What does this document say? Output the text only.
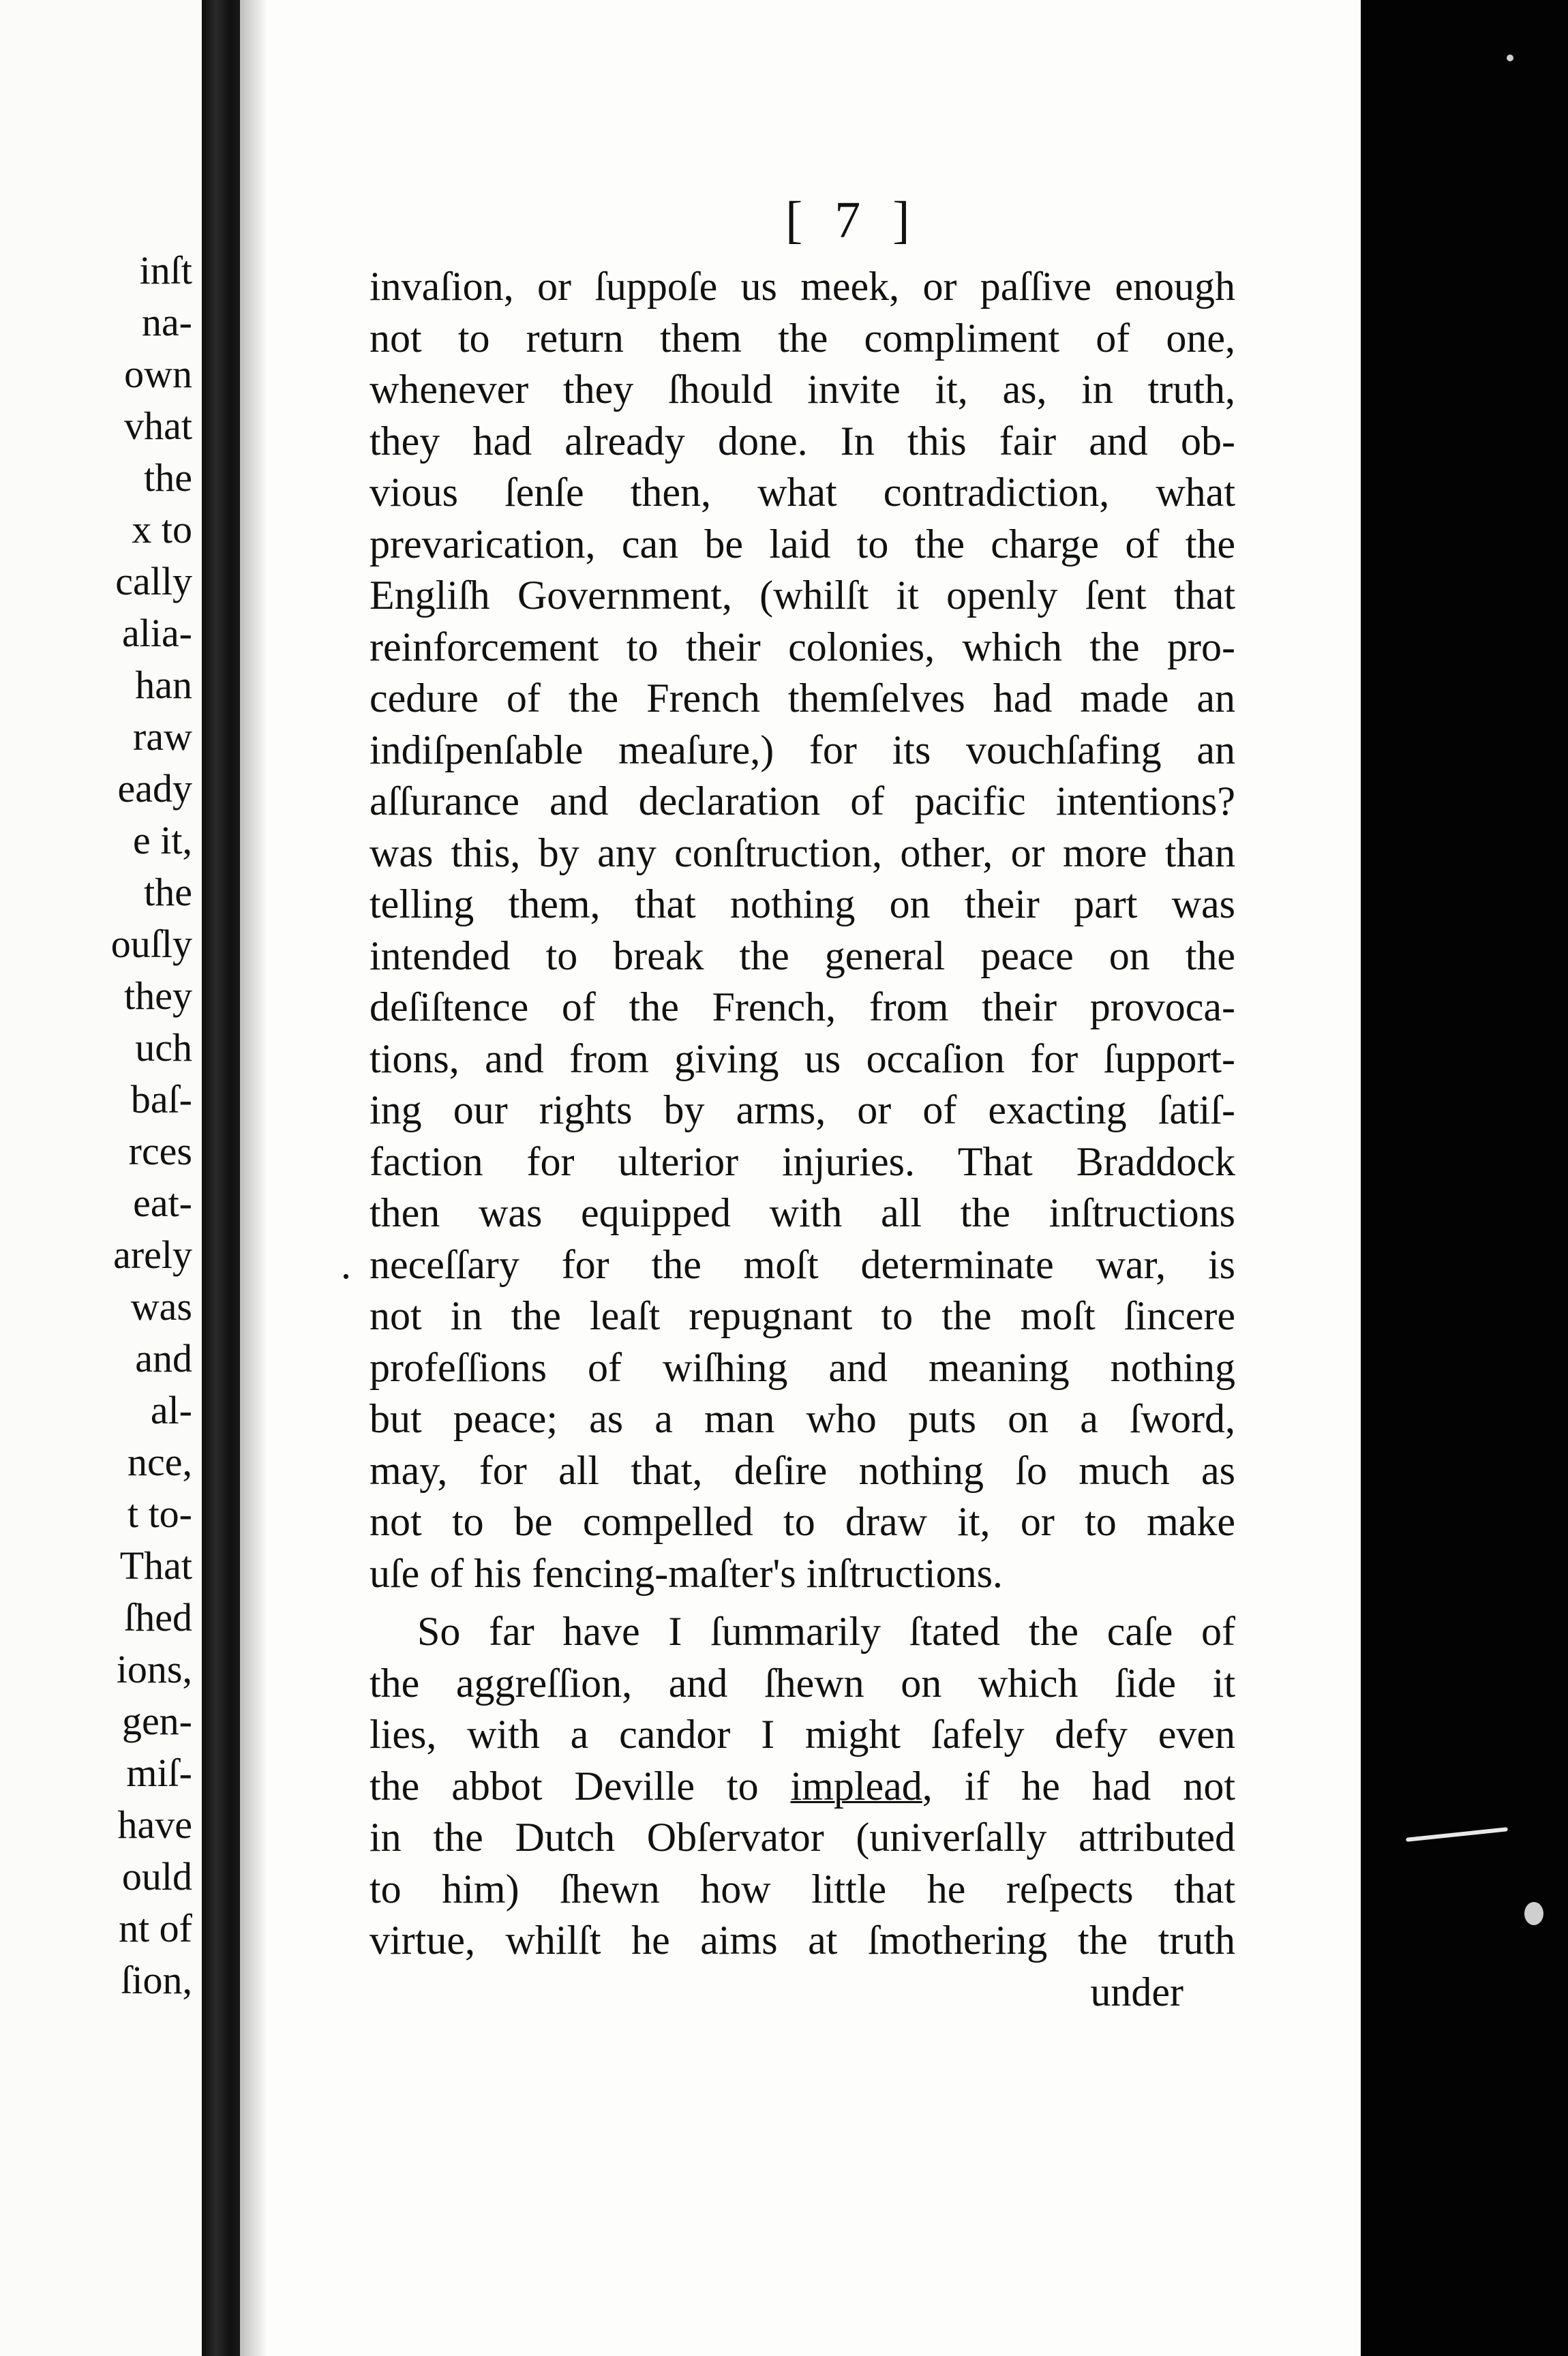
inſt
na-
own
vhat
the
x to
cally
alia-
han
raw
eady
e it,
the
ouſly
they
uch
baſ-
rces
eat-
arely
was
and
al-
nce,
t to-
That
ſhed
ions,
gen-
miſ-
have
ould
nt of
ſion,
[ 7 ]
invaſion, or ſuppoſe us meek, or paſſive enough
not to return them the compliment of one,
whenever they ſhould invite it, as, in truth,
they had already done. In this fair and ob-
vious ſenſe then, what contradiction, what
prevarication, can be laid to the charge of the
Engliſh Government, (whilſt it openly ſent that
reinforcement to their colonies, which the pro-
cedure of the French themſelves had made an
indiſpenſable meaſure,) for its vouchſafing an
aſſurance and declaration of pacific intentions?
was this, by any conſtruction, other, or more than
telling them, that nothing on their part was
intended to break the general peace on the
deſiſtence of the French, from their provoca-
tions, and from giving us occaſion for ſupport-
ing our rights by arms, or of exacting ſatiſ-
faction for ulterior injuries. That Braddock
then was equipped with all the inſtructions
neceſſary for the moſt determinate war, is
not in the leaſt repugnant to the moſt ſincere
profeſſions of wiſhing and meaning nothing
but peace; as a man who puts on a ſword,
may, for all that, deſire nothing ſo much as
not to be compelled to draw it, or to make
uſe of his fencing-maſter's inſtructions.
.
So far have I ſummarily ſtated the caſe of
the aggreſſion, and ſhewn on which ſide it
lies, with a candor I might ſafely defy even
the abbot Deville to implead, if he had not
in the Dutch Obſervator (univerſally attributed
to him) ſhewn how little he reſpects that
virtue, whilſt he aims at ſmothering the truth
under
